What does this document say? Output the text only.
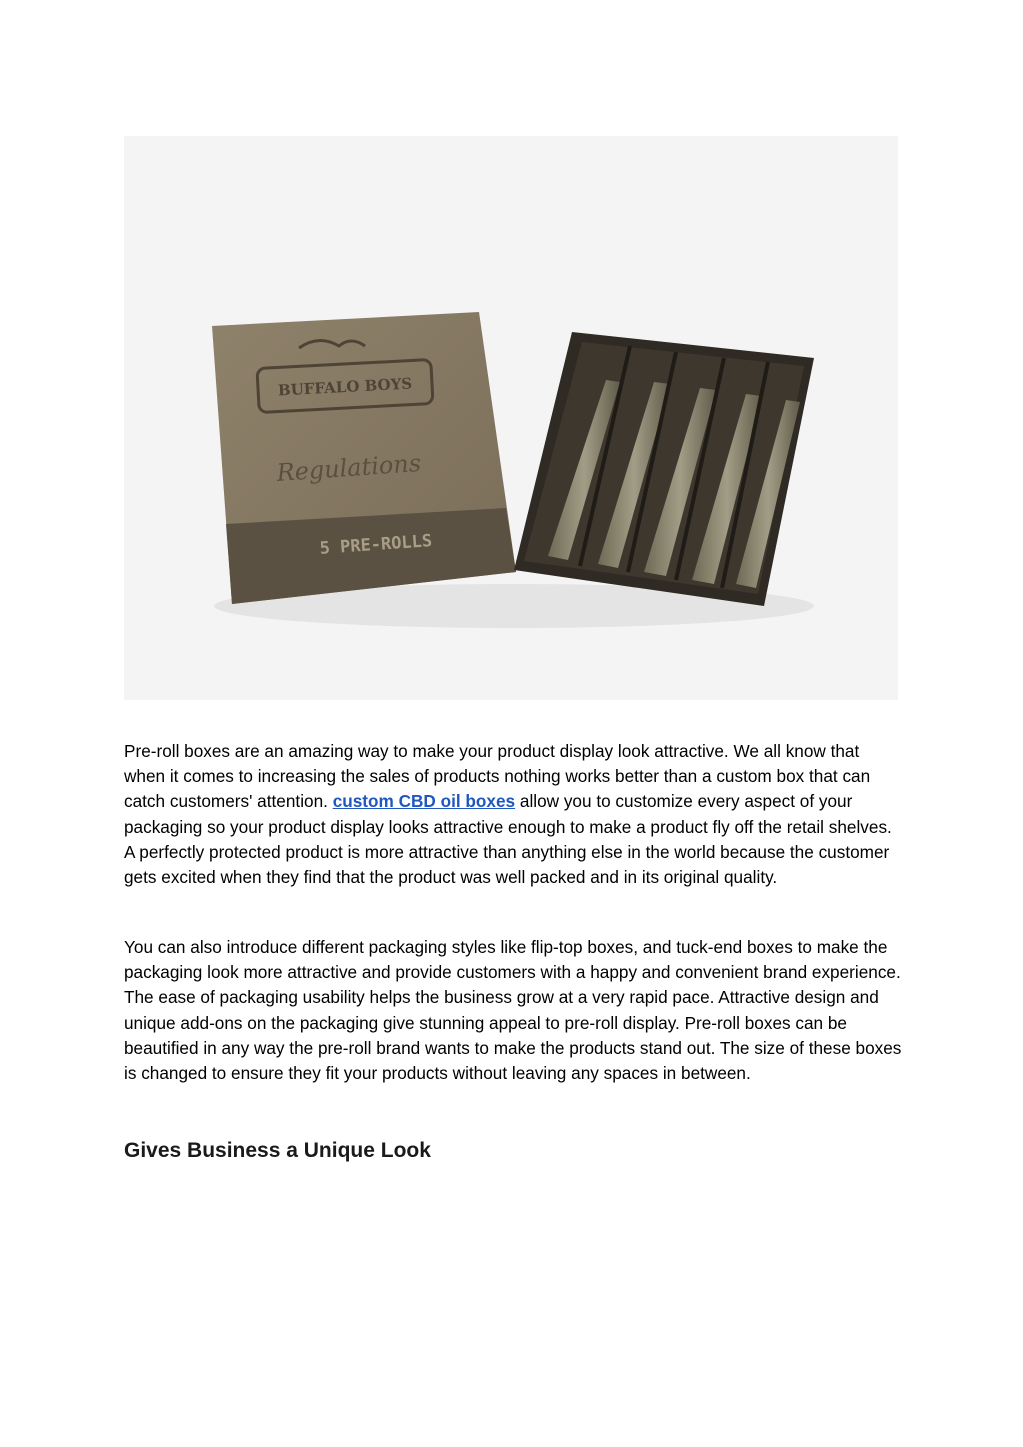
BUFFALO BOYS
Regulations
5 PRE-ROLLS

Pre-roll boxes are an amazing way to make your product display look attractive. We all know that when it comes to increasing the sales of products nothing works better than a custom box that can catch customers' attention. custom CBD oil boxes allow you to customize every aspect of your packaging so your product display looks attractive enough to make a product fly off the retail shelves. A perfectly protected product is more attractive than anything else in the world because the customer gets excited when they find that the product was well packed and in its original quality.

You can also introduce different packaging styles like flip-top boxes, and tuck-end boxes to make the packaging look more attractive and provide customers with a happy and convenient brand experience. The ease of packaging usability helps the business grow at a very rapid pace. Attractive design and unique add-ons on the packaging give stunning appeal to pre-roll display. Pre-roll boxes can be beautified in any way the pre-roll brand wants to make the products stand out. The size of these boxes is changed to ensure they fit your products without leaving any spaces in between.

Gives Business a Unique Look
